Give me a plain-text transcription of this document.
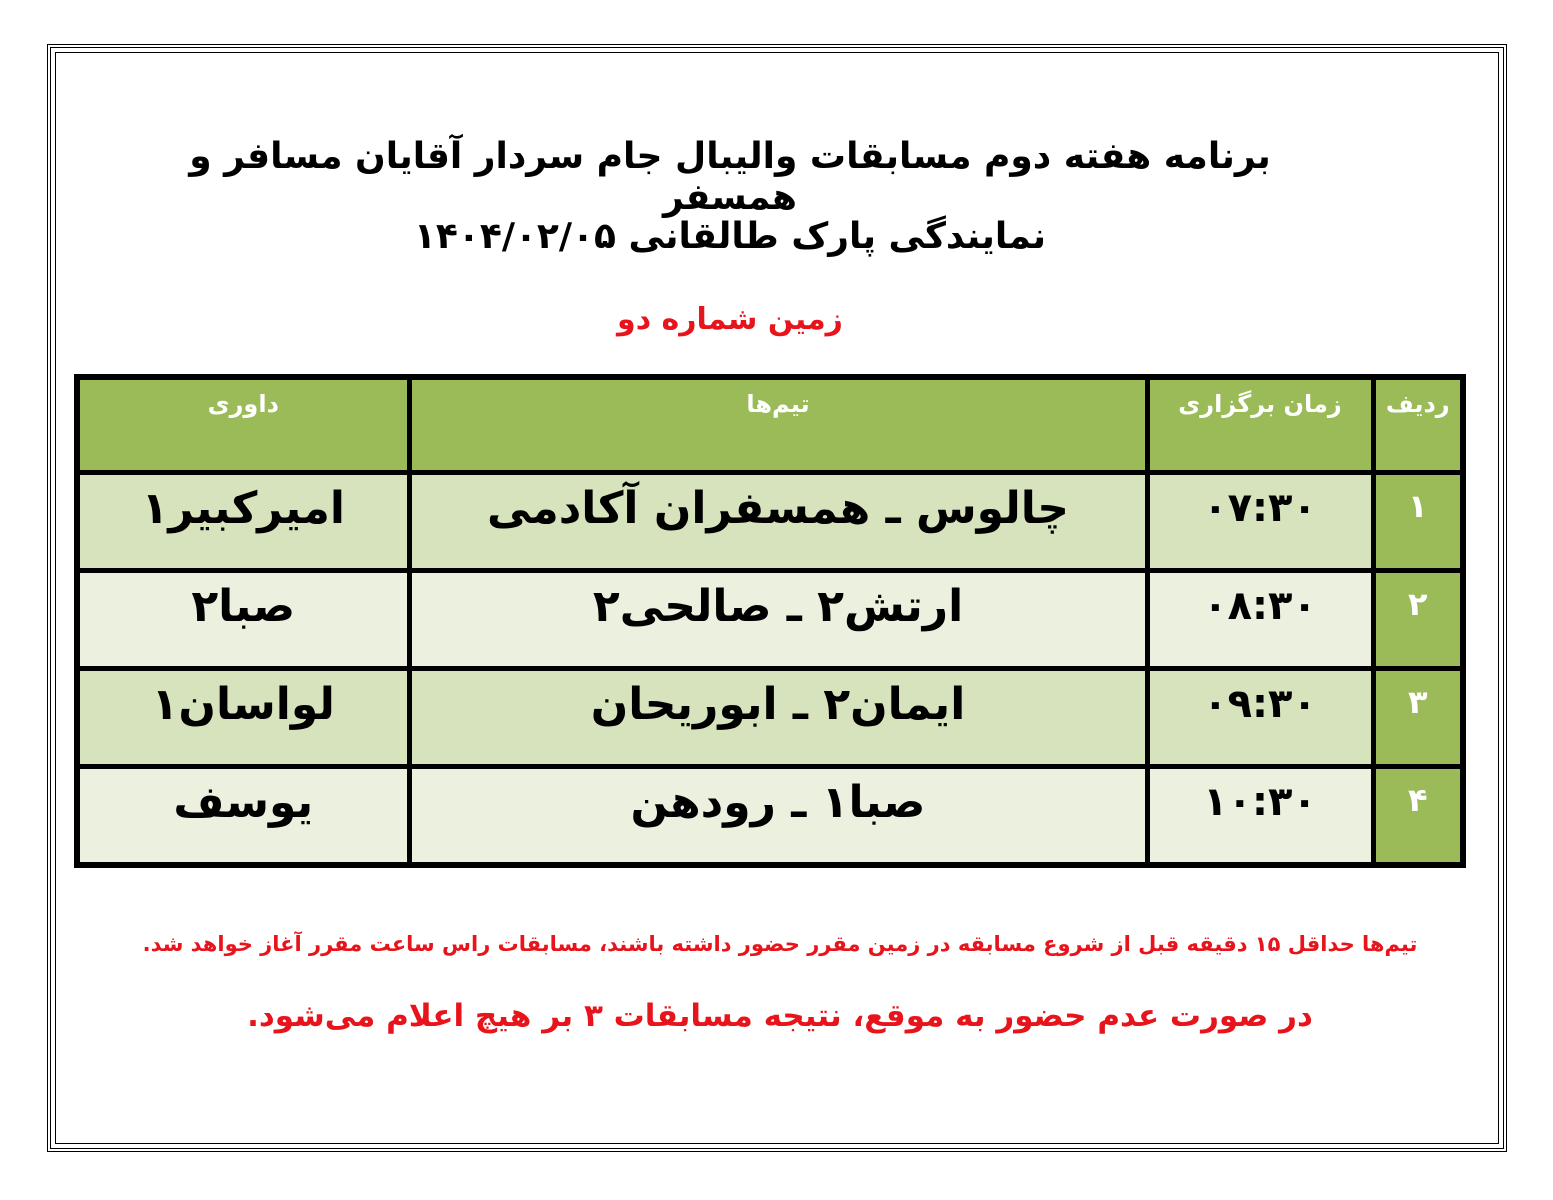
برنامه هفته دوم مسابقات والیبال جام سردار آقایان مسافر و همسفر
نمایندگی پارک طالقانی ۱۴۰۴/۰۲/۰۵
زمین شماره دو
ردیف	زمان برگزاری	تیم‌ها	داوری
۱	۰۷:۳۰	چالوس ـ همسفران آکادمی	امیرکبیر۱
۲	۰۸:۳۰	ارتش۲ ـ صالحی۲	صبا۲
۳	۰۹:۳۰	ایمان۲ ـ ابوریحان	لواسان۱
۴	۱۰:۳۰	صبا۱ ـ رودهن	یوسف
تیم‌ها حداقل ۱۵ دقیقه قبل از شروع مسابقه در زمین مقرر حضور داشته باشند، مسابقات راس ساعت مقرر آغاز خواهد شد.
در صورت عدم حضور به موقع، نتیجه مسابقات ۳ بر هیچ اعلام می‌شود.
